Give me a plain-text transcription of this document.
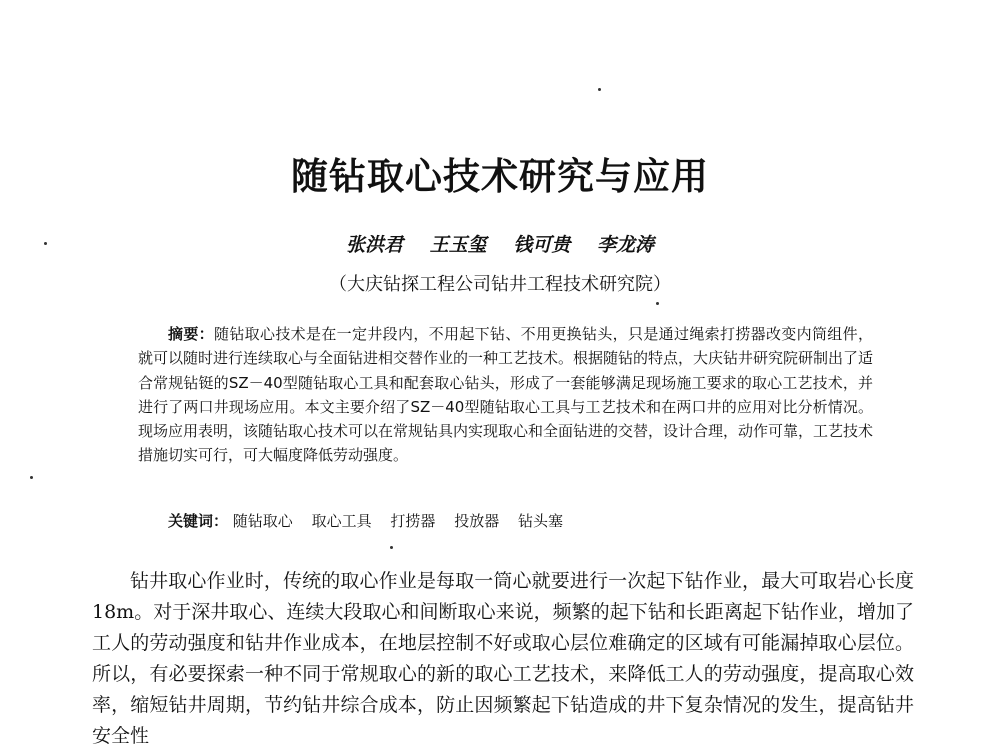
随钻取心技术研究与应用
张洪君 王玉玺 钱可贵 李龙涛
（大庆钻探工程公司钻井工程技术研究院）

摘要：随钻取心技术是在一定井段内，不用起下钻、不用更换钻头，只是通过绳索打捞器改变内筒组件，就可以随时进行连续取心与全面钻进相交替作业的一种工艺技术。根据随钻的特点，大庆钻井研究院研制出了适合常规钻铤的SZ－40型随钻取心工具和配套取心钻头，形成了一套能够满足现场施工要求的取心工艺技术，并进行了两口井现场应用。本文主要介绍了SZ－40型随钻取心工具与工艺技术和在两口井的应用对比分析情况。现场应用表明，该随钻取心技术可以在常规钻具内实现取心和全面钻进的交替，设计合理，动作可靠，工艺技术措施切实可行，可大幅度降低劳动强度。

关键词： 随钻取心 取心工具 打捞器 投放器 钻头塞

钻井取心作业时，传统的取心作业是每取一筒心就要进行一次起下钻作业，最大可取岩心长度18m。对于深井取心、连续大段取心和间断取心来说，频繁的起下钻和长距离起下钻作业，增加了工人的劳动强度和钻井作业成本，在地层控制不好或取心层位难确定的区域有可能漏掉取心层位。所以，有必要探索一种不同于常规取心的新的取心工艺技术，来降低工人的劳动强度，提高取心效率，缩短钻井周期，节约钻井综合成本，防止因频繁起下钻造成的井下复杂情况的发生，提高钻井安全性
